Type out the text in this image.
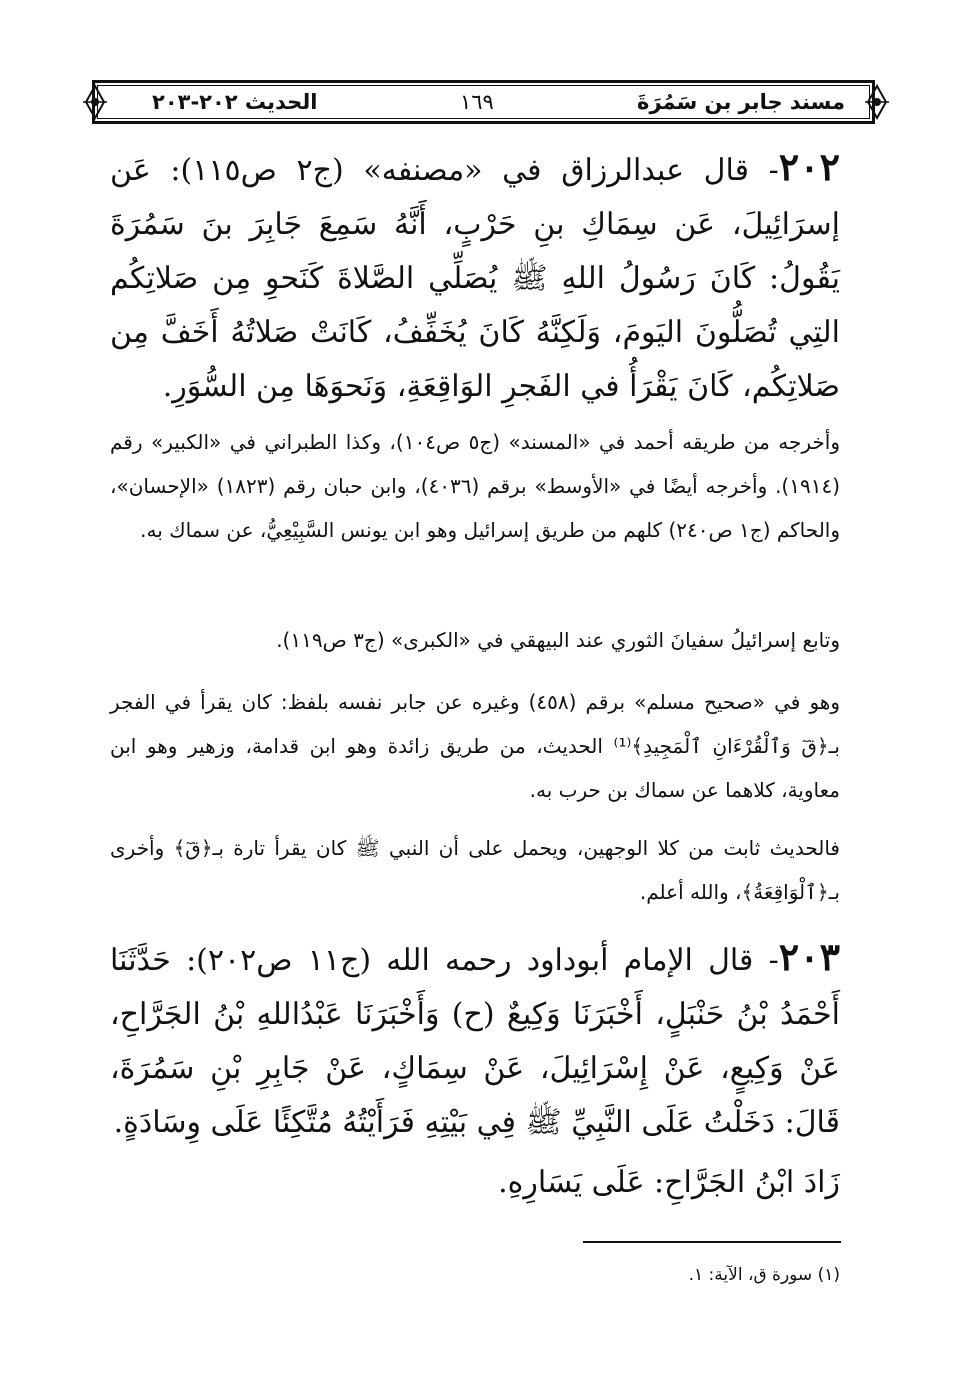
مسند جابر بن سَمُرَةَ
١٦٩
الحديث ٢٠٢-٢٠٣
٢٠٢- قال عبدالرزاق في «مصنفه» (ج٢ ص١١٥): عَن إسرَائِيلَ، عَن سِمَاكِ بنِ حَرْبٍ، أَنَّهُ سَمِعَ جَابِرَ بنَ سَمُرَةَ يَقُولُ: كَانَ رَسُولُ اللهِ ﷺ يُصَلِّي الصَّلاةَ كَنَحوِ مِن صَلاتِكُم التِي تُصَلُّونَ اليَومَ، وَلَكِنَّهُ كَانَ يُخَفِّفُ، كَانَتْ صَلاتُهُ أَخَفَّ مِن صَلاتِكُم، كَانَ يَقْرَأُ في الفَجرِ الوَاقِعَةِ، وَنَحوَهَا مِن السُّوَرِ.
وأخرجه من طريقه أحمد في «المسند» (ج٥ ص١٠٤)، وكذا الطبراني في «الكبير» رقم (١٩١٤). وأخرجه أيضًا في «الأوسط» برقم (٤٠٣٦)، وابن حبان رقم (١٨٢٣) «الإحسان»، والحاكم (ج١ ص٢٤٠) كلهم من طريق إسرائيل وهو ابن يونس السَّبِيْعِيُّ، عن سماك به.
وتابع إسرائيلُ سفيانَ الثوري عند البيهقي في «الكبرى» (ج٣ ص١١٩).
وهو في «صحيح مسلم» برقم (٤٥٨) وغيره عن جابر نفسه بلفظ: كان يقرأ في الفجر بـ﴿قٓ وَٱلْقُرْءَانِ ٱلْمَجِيدِ﴾⁽¹⁾ الحديث، من طريق زائدة وهو ابن قدامة، وزهير وهو ابن معاوية، كلاهما عن سماك بن حرب به.
فالحديث ثابت من كلا الوجهين، ويحمل على أن النبي ﷺ كان يقرأ تارة بـ﴿قٓ﴾ وأخرى بـ﴿ٱلْوَاقِعَةُ﴾، والله أعلم.
٢٠٣- قال الإمام أبوداود رحمه الله (ج١١ ص٢٠٢): حَدَّثَنَا أَحْمَدُ بْنُ حَنْبَلٍ، أَخْبَرَنَا وَكِيعٌ (ح) وَأَخْبَرَنَا عَبْدُاللهِ بْنُ الجَرَّاحِ، عَنْ وَكِيعٍ، عَنْ إِسْرَائِيلَ، عَنْ سِمَاكٍ، عَنْ جَابِرِ بْنِ سَمُرَةَ، قَالَ: دَخَلْتُ عَلَى النَّبِيِّ ﷺ فِي بَيْتِهِ فَرَأَيْتُهُ مُتَّكِئًا عَلَى وِسَادَةٍ.
زَادَ ابْنُ الجَرَّاحِ: عَلَى يَسَارِهِ.
(١) سورة ق، الآية: ١.
